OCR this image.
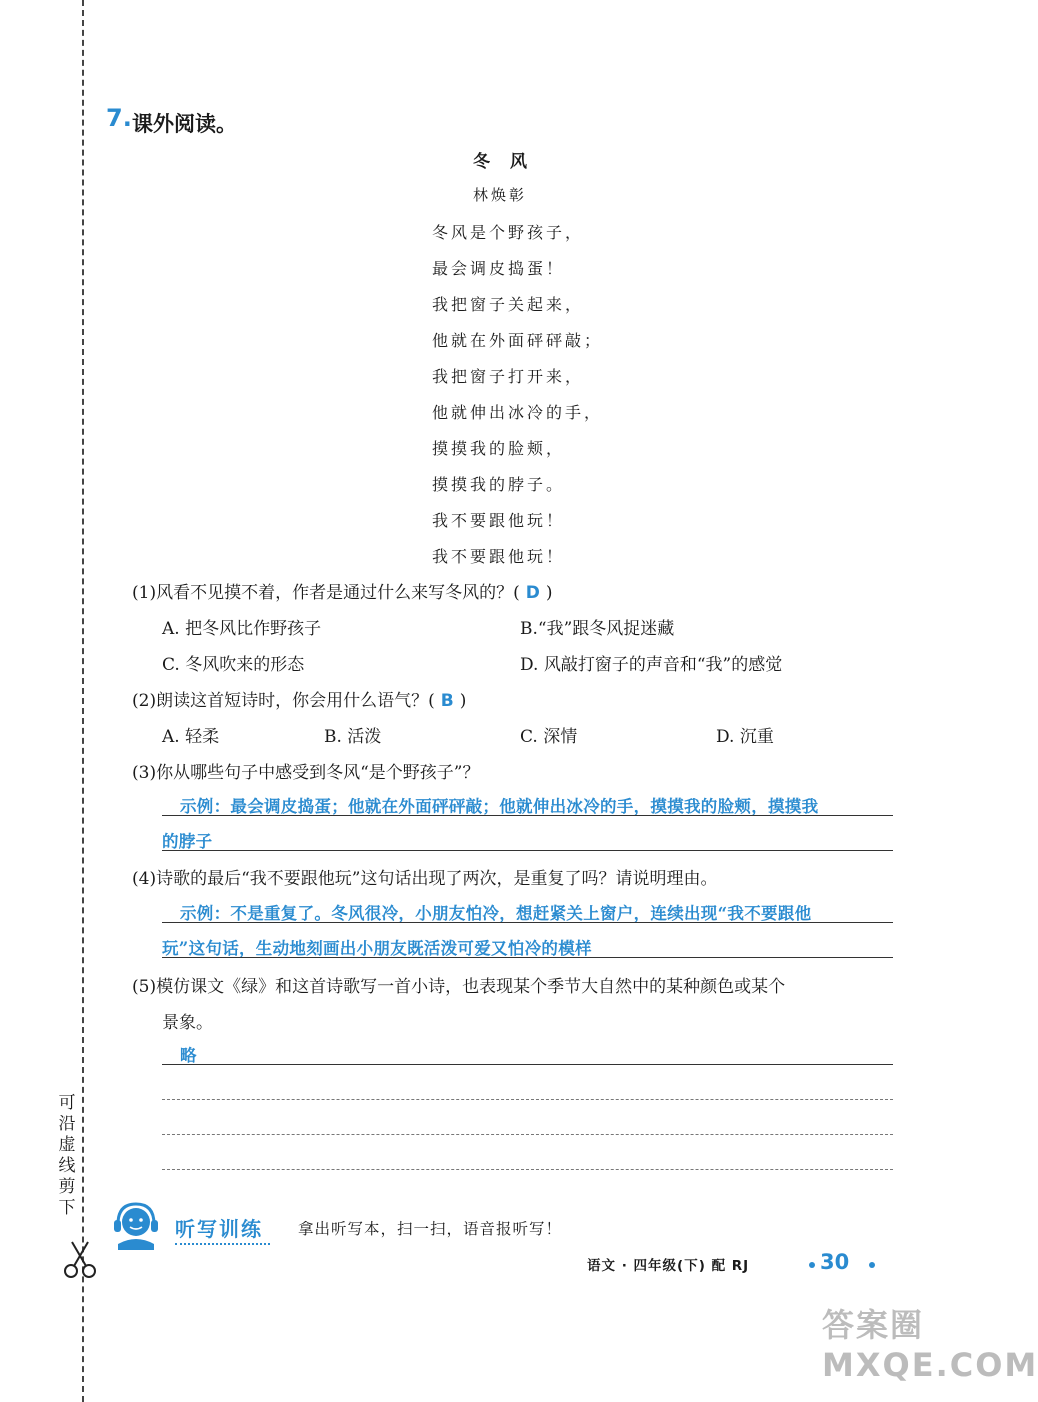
可沿虚线剪下
7. 课外阅读。
冬风
林焕彰
冬风是个野孩子，
最会调皮捣蛋！
我把窗子关起来，
他就在外面砰砰敲；
我把窗子打开来，
他就伸出冰冷的手，
摸摸我的脸颊，
摸摸我的脖子。
我不要跟他玩！
我不要跟他玩！
(1)风看不见摸不着，作者是通过什么来写冬风的？( D )
A. 把冬风比作野孩子	B.“我”跟冬风捉迷藏
C. 冬风吹来的形态	D. 风敲打窗子的声音和“我”的感觉
(2)朗读这首短诗时，你会用什么语气？( B )
A. 轻柔	B. 活泼	C. 深情	D. 沉重
(3)你从哪些句子中感受到冬风“是个野孩子”？
示例：最会调皮捣蛋；他就在外面砰砰敲；他就伸出冰冷的手，摸摸我的脸颊，摸摸我
的脖子
(4)诗歌的最后“我不要跟他玩”这句话出现了两次，是重复了吗？请说明理由。
示例：不是重复了。冬风很冷，小朋友怕冷，想赶紧关上窗户，连续出现“我不要跟他
玩”这句话，生动地刻画出小朋友既活泼可爱又怕冷的模样
(5)模仿课文《绿》和这首诗歌写一首小诗，也表现某个季节大自然中的某种颜色或某个
景象。
略
听写训练 拿出听写本，扫一扫，语音报听写！
语文 · 四年级(下) 配 RJ	30
答案圈 MXQE.COM
